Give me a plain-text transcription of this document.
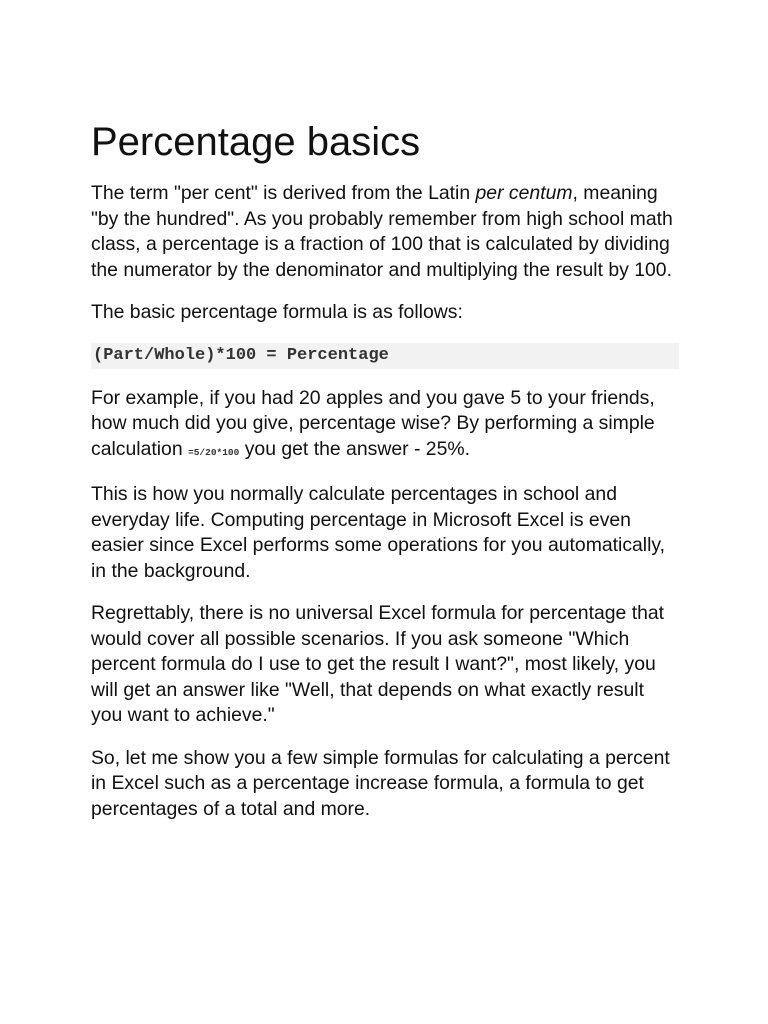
Percentage basics

The term "per cent" is derived from the Latin per centum, meaning "by the hundred". As you probably remember from high school math class, a percentage is a fraction of 100 that is calculated by dividing the numerator by the denominator and multiplying the result by 100.

The basic percentage formula is as follows:

(Part/Whole)*100 = Percentage

For example, if you had 20 apples and you gave 5 to your friends, how much did you give, percentage wise? By performing a simple calculation =5/20*100 you get the answer - 25%.

This is how you normally calculate percentages in school and everyday life. Computing percentage in Microsoft Excel is even easier since Excel performs some operations for you automatically, in the background.

Regrettably, there is no universal Excel formula for percentage that would cover all possible scenarios. If you ask someone "Which percent formula do I use to get the result I want?", most likely, you will get an answer like "Well, that depends on what exactly result you want to achieve."

So, let me show you a few simple formulas for calculating a percent in Excel such as a percentage increase formula, a formula to get percentages of a total and more.
